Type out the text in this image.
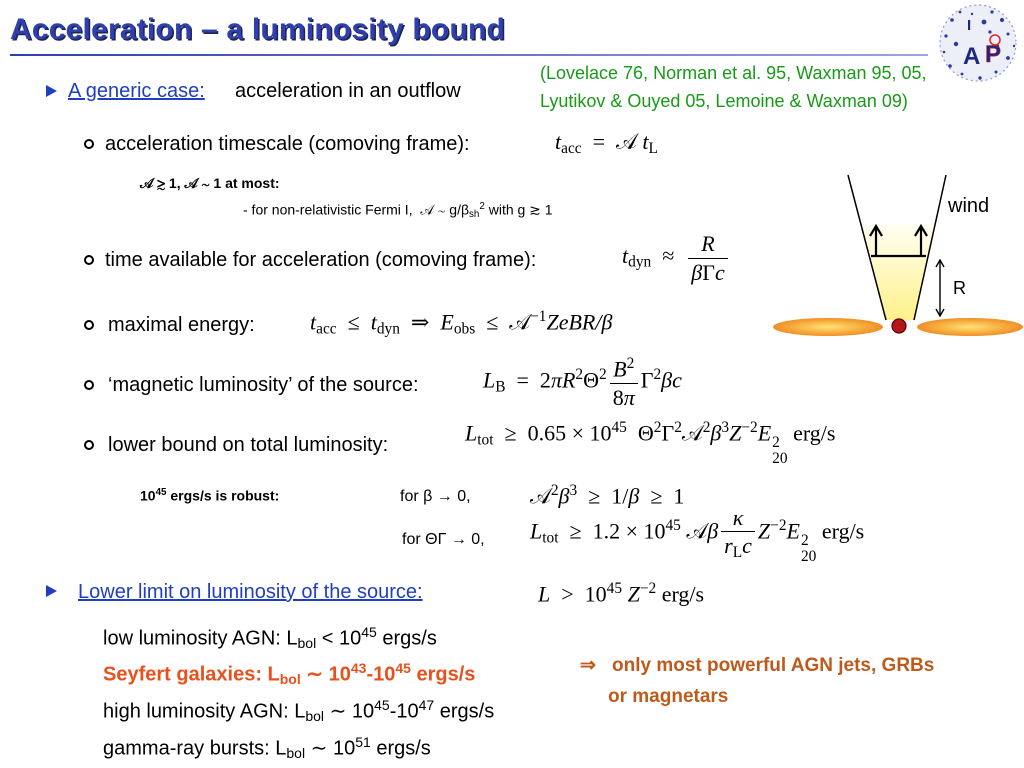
Acceleration – a luminosity bound	I
A P
(Lovelace 76, Norman et al. 95, Waxman 95, 05,
Lyutikov & Ouyed 05, Lemoine & Waxman 09)
A generic case: acceleration in an outflow
acceleration timescale (comoving frame):	$t_{acc}$  =  𝒜 $t_L$
𝒜 ≳ 1, 𝒜 ∼ 1 at most:
- for non-relativistic Fermi I,  𝒜 ∼ $g/\beta_{sh}^2$ with g ≳ 1
time available for acceleration (comoving frame):	$t_{dyn} \approx \frac{R}{\text{βΓc}}$
maximal energy:	$t_{acc} \le t_{dyn}$  ⇒  $E_{obs}$  ≤  𝒜$^{-1}$ZeBR/β
‘magnetic luminosity’ of the source:	$L_B = 2\pi R^2\Theta^2 \frac{B^2}{8\pi} \Gamma^2\beta c$
lower bound on total luminosity:	$L_{tot} \ge 0.65 \times 10^{45}$  $\Theta^2\Gamma^2𝒜^2\beta^3Z^{-2}E$ 2
20
erg/s
$10^{45}$ ergs/s is robust:	for β → 0,	$𝒜^2\beta^3 \ge 1/\beta \ge 1$
for ΘΓ → 0, $L_{tot} \ge 1.2 \times 10^{45}$ 𝒜β $\frac{\kappa}{r_Lc} Z^{-2}E$ 2
20
erg/s
Lower limit on luminosity of the source:	$L > 10^{45}$ $Z^{-2}$ erg/s
low luminosity AGN: $L_{bol} < 10^{45}$ ergs/s
Seyfert galaxies: $L_{bol}$ ∼ $10^{43}-10^{45}$ ergs/s
high luminosity AGN: $L_{bol}$ ∼ $10^{45}-10^{47}$ ergs/s
gamma-ray bursts: $L_{bol}$ ∼ $10^{51}$ ergs/s
⇒ only most powerful AGN jets, GRBs
or magnetars
wind
R
